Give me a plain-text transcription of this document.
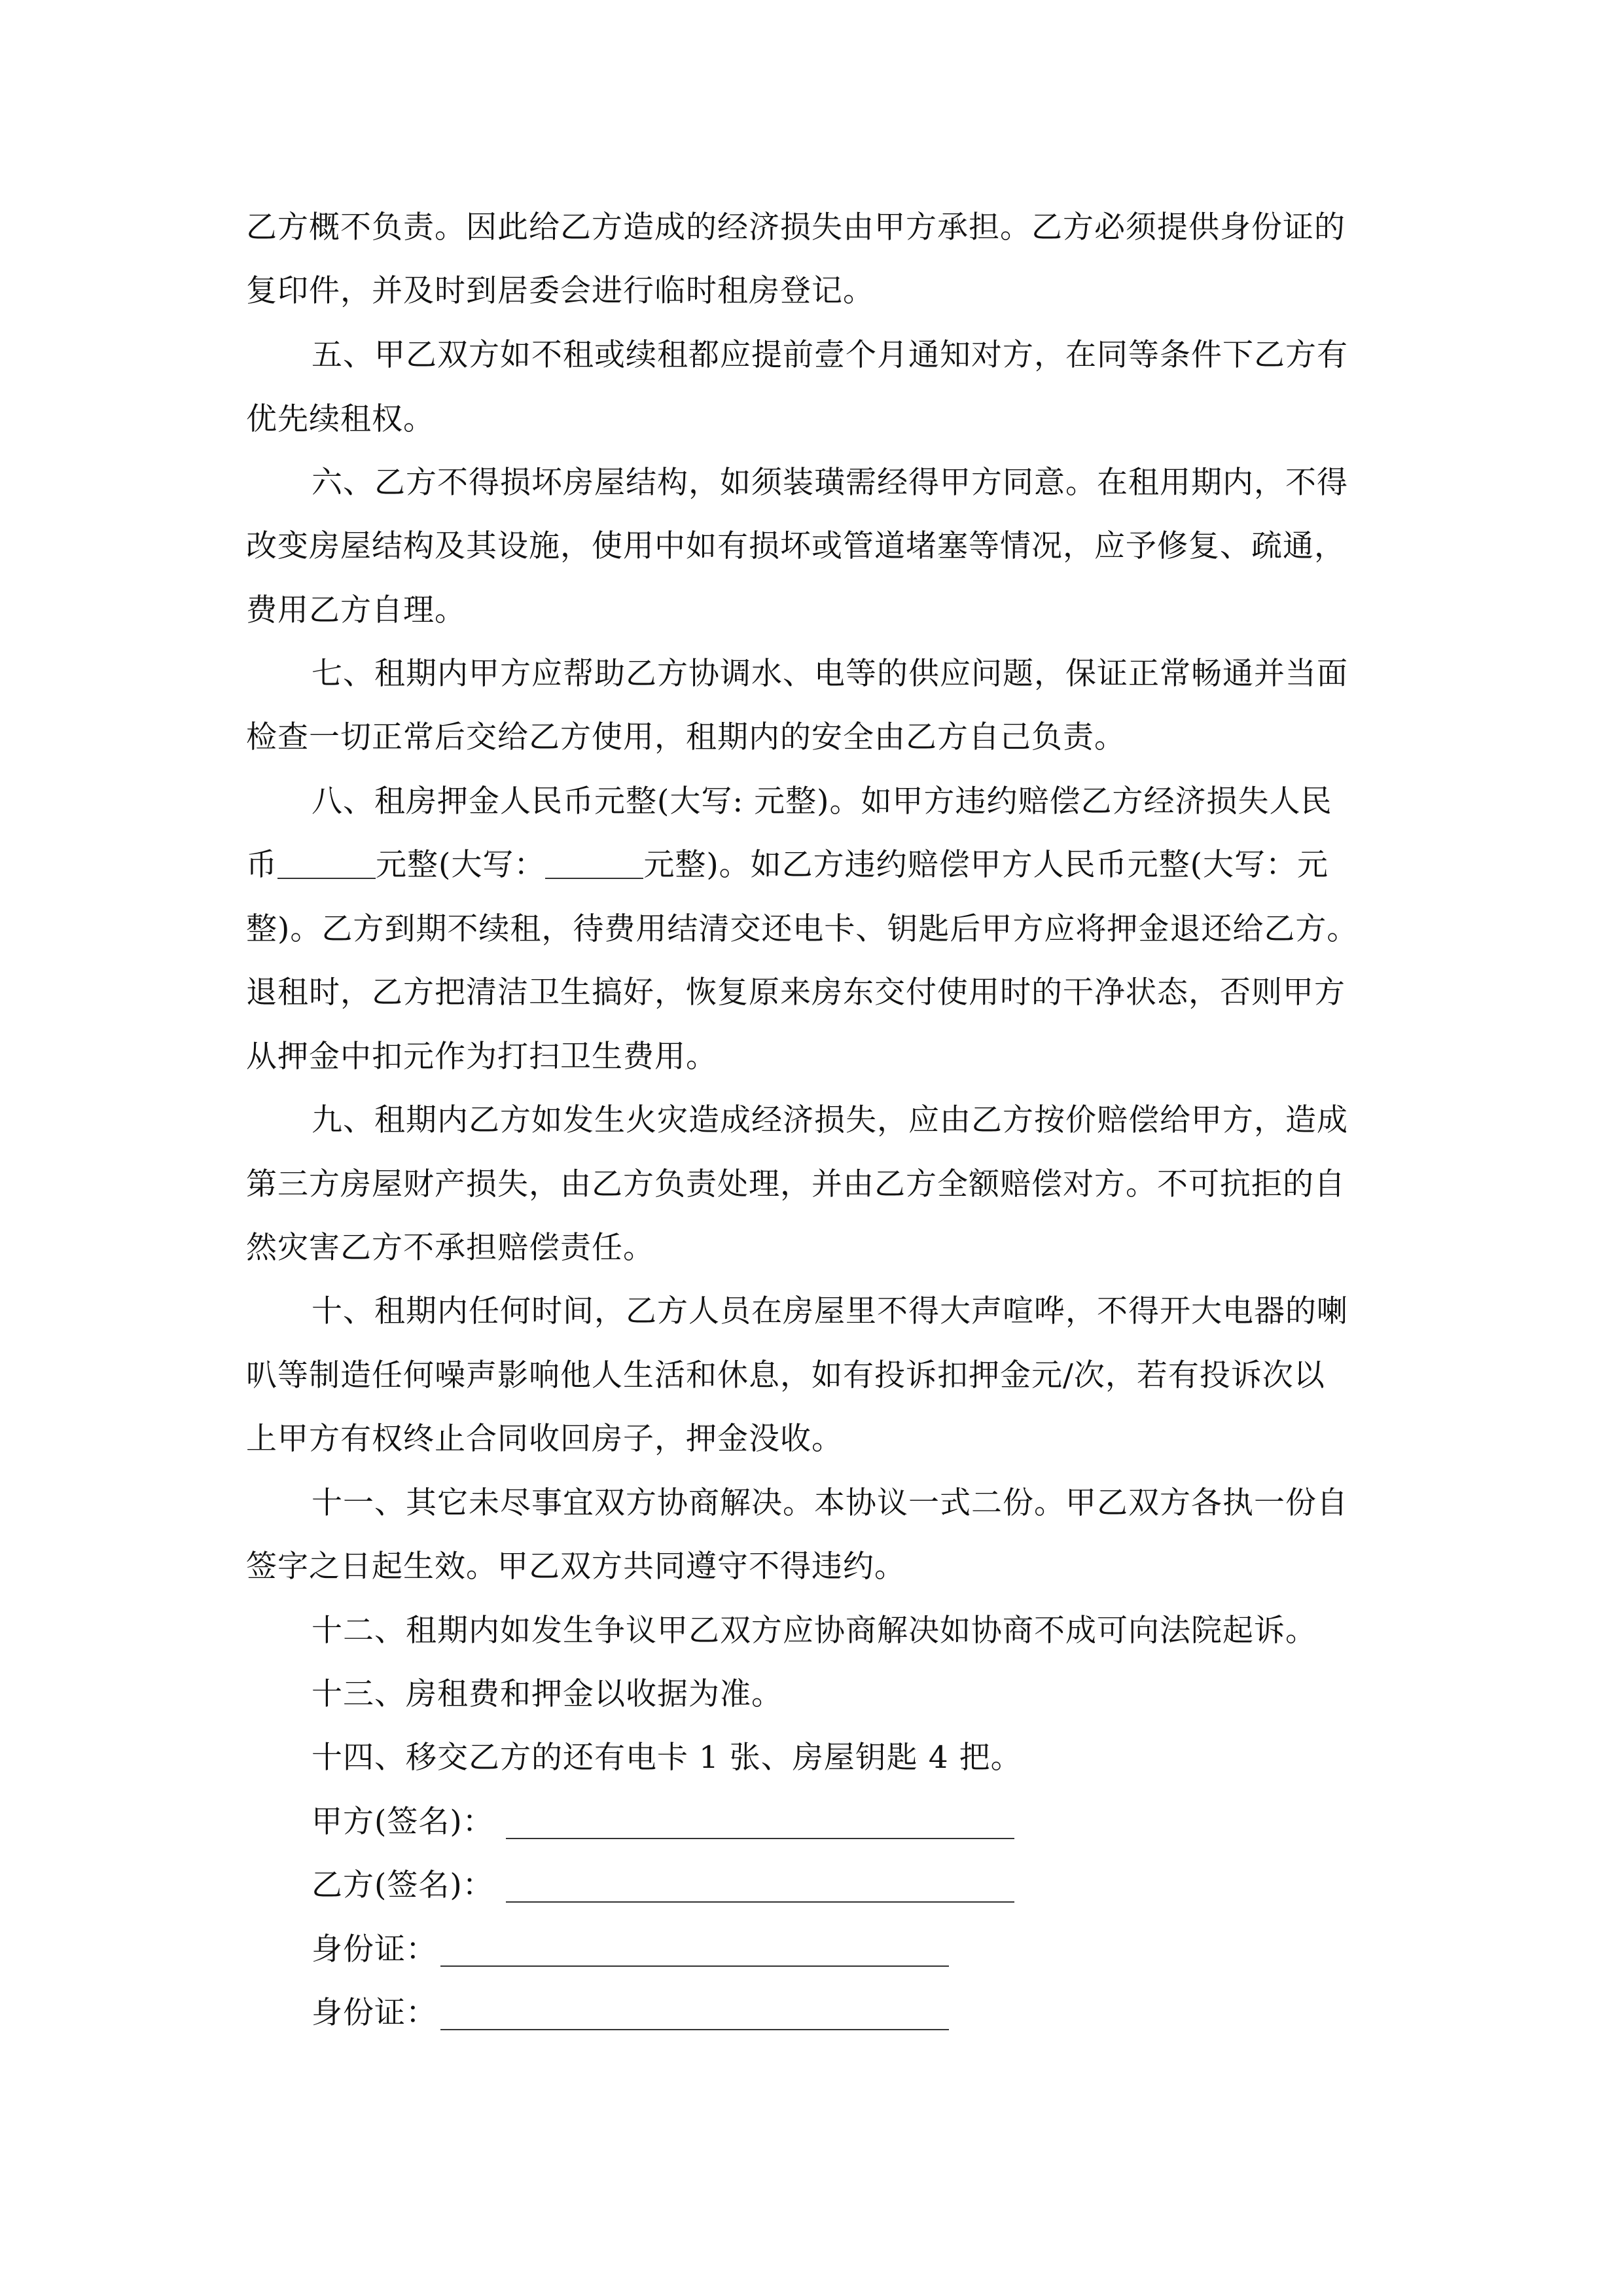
乙方概不负责。因此给乙方造成的经济损失由甲方承担。乙方必须提供身份证的
复印件，并及时到居委会进行临时租房登记。
五、甲乙双方如不租或续租都应提前壹个月通知对方，在同等条件下乙方有
优先续租权。
六、乙方不得损坏房屋结构，如须装璜需经得甲方同意。在租用期内，不得
改变房屋结构及其设施，使用中如有损坏或管道堵塞等情况，应予修复、疏通，
费用乙方自理。
七、租期内甲方应帮助乙方协调水、电等的供应问题，保证正常畅通并当面
检查一切正常后交给乙方使用，租期内的安全由乙方自己负责。
八、租房押金人民币元整(大写: 元整)。如甲方违约赔偿乙方经济损失人民
币	元整(大写：	元整)。如乙方违约赔偿甲方人民币元整(大写：元
整)。乙方到期不续租，待费用结清交还电卡、钥匙后甲方应将押金退还给乙方。
退租时，乙方把清洁卫生搞好，恢复原来房东交付使用时的干净状态，否则甲方
从押金中扣元作为打扫卫生费用。
九、租期内乙方如发生火灾造成经济损失，应由乙方按价赔偿给甲方，造成
第三方房屋财产损失，由乙方负责处理，并由乙方全额赔偿对方。不可抗拒的自
然灾害乙方不承担赔偿责任。
十、租期内任何时间，乙方人员在房屋里不得大声喧哗，不得开大电器的喇
叭等制造任何噪声影响他人生活和休息，如有投诉扣押金元/次，若有投诉次以
上甲方有权终止合同收回房子，押金没收。
十一、其它未尽事宜双方协商解决。本协议一式二份。甲乙双方各执一份自
签字之日起生效。甲乙双方共同遵守不得违约。
十二、租期内如发生争议甲乙双方应协商解决如协商不成可向法院起诉。
十三、房租费和押金以收据为准。
十四、移交乙方的还有电卡 1 张、房屋钥匙 4 把。
甲方(签名)：
乙方(签名)：
身份证：
身份证：
